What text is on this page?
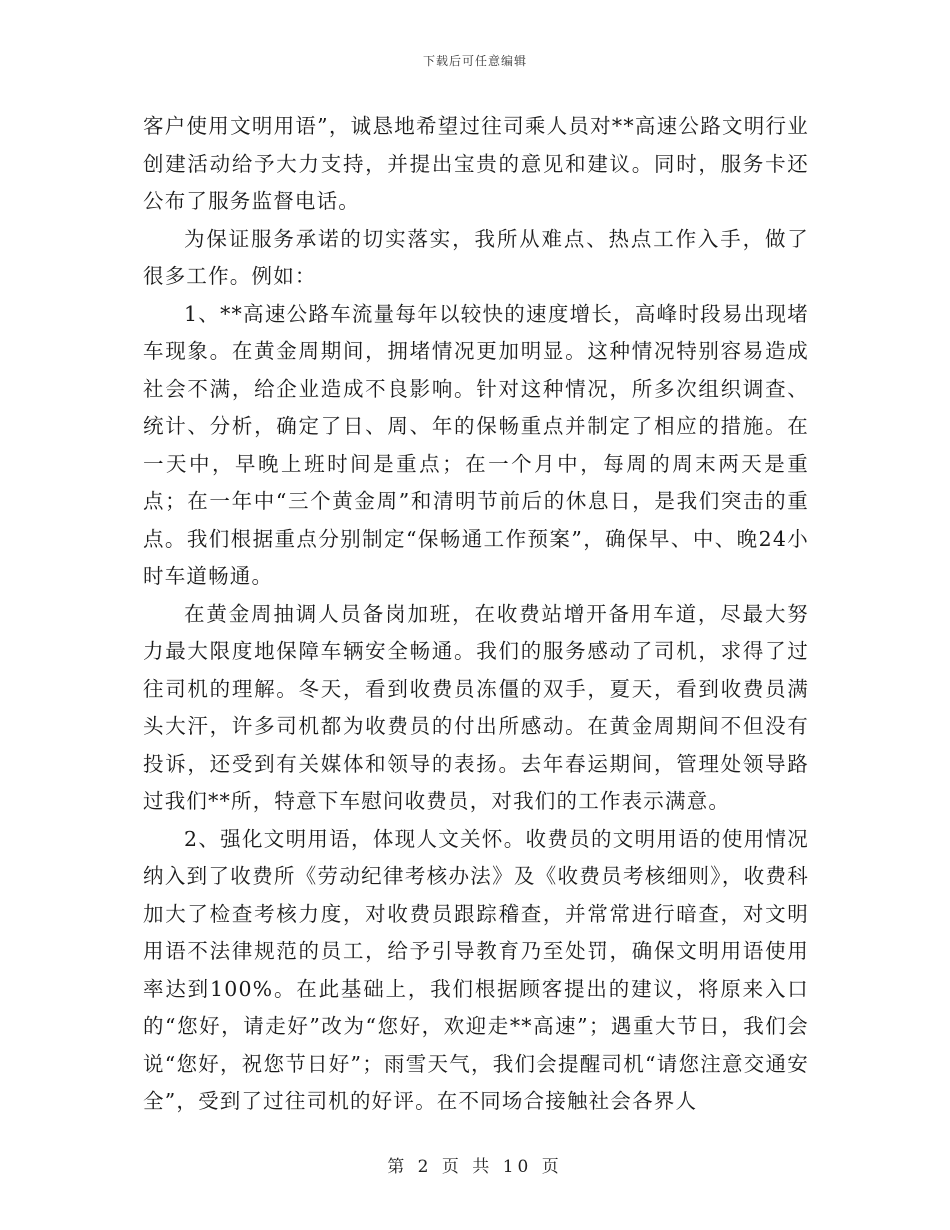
下载后可任意编辑

客户使用文明用语”，诚恳地希望过往司乘人员对**高速公路文明行业创建活动给予大力支持，并提出宝贵的意见和建议。同时，服务卡还公布了服务监督电话。

为保证服务承诺的切实落实，我所从难点、热点工作入手，做了很多工作。例如：

1、**高速公路车流量每年以较快的速度增长，高峰时段易出现堵车现象。在黄金周期间，拥堵情况更加明显。这种情况特别容易造成社会不满，给企业造成不良影响。针对这种情况，所多次组织调查、统计、分析，确定了日、周、年的保畅重点并制定了相应的措施。在一天中，早晚上班时间是重点；在一个月中，每周的周末两天是重点；在一年中“三个黄金周”和清明节前后的休息日，是我们突击的重点。我们根据重点分别制定“保畅通工作预案”，确保早、中、晚24小时车道畅通。

在黄金周抽调人员备岗加班，在收费站增开备用车道，尽最大努力最大限度地保障车辆安全畅通。我们的服务感动了司机，求得了过往司机的理解。冬天，看到收费员冻僵的双手，夏天，看到收费员满头大汗，许多司机都为收费员的付出所感动。在黄金周期间不但没有投诉，还受到有关媒体和领导的表扬。去年春运期间，管理处领导路过我们**所，特意下车慰问收费员，对我们的工作表示满意。

2、强化文明用语，体现人文关怀。收费员的文明用语的使用情况纳入到了收费所《劳动纪律考核办法》及《收费员考核细则》，收费科加大了检查考核力度，对收费员跟踪稽查，并常常进行暗查，对文明用语不法律规范的员工，给予引导教育乃至处罚，确保文明用语使用率达到100%。在此基础上，我们根据顾客提出的建议，将原来入口的“您好，请走好”改为“您好，欢迎走**高速”；遇重大节日，我们会说“您好，祝您节日好”；雨雪天气，我们会提醒司机“请您注意交通安全”，受到了过往司机的好评。在不同场合接触社会各界人

第 2 页 共 10 页
